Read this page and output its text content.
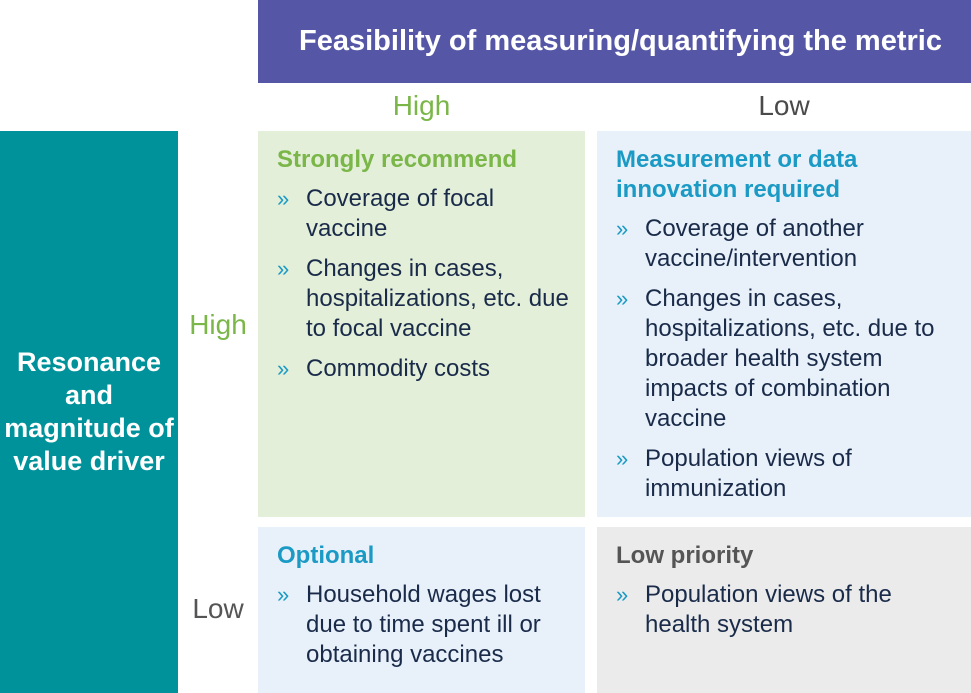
Feasibility of measuring/quantifying the metric
High	Low
Resonance and magnitude of value driver
High
Low
Strongly recommend
» Coverage of focal vaccine
» Changes in cases, hospitalizations, etc. due to focal vaccine
» Commodity costs
Measurement or data innovation required
» Coverage of another vaccine/intervention
» Changes in cases, hospitalizations, etc. due to broader health system impacts of combination vaccine
» Population views of immunization
Optional
» Household wages lost due to time spent ill or obtaining vaccines
Low priority
» Population views of the health system
